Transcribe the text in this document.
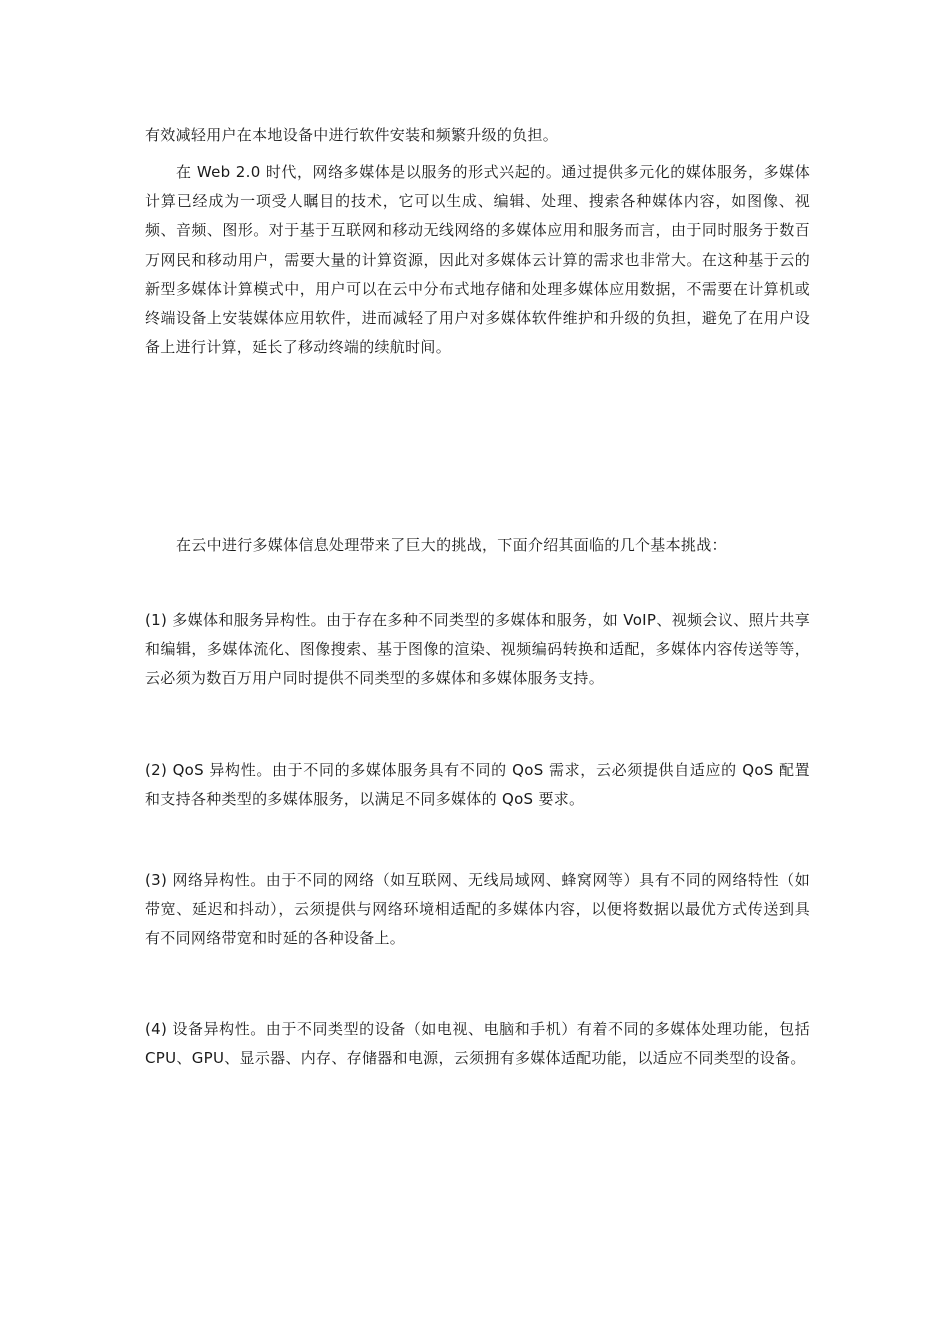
有效减轻用户在本地设备中进行软件安装和频繁升级的负担。

在 Web 2.0 时代，网络多媒体是以服务的形式兴起的。通过提供多元化的媒体服务，多媒体计算已经成为一项受人瞩目的技术，它可以生成、编辑、处理、搜索各种媒体内容，如图像、视频、音频、图形。对于基于互联网和移动无线网络的多媒体应用和服务而言，由于同时服务于数百万网民和移动用户，需要大量的计算资源，因此对多媒体云计算的需求也非常大。在这种基于云的新型多媒体计算模式中，用户可以在云中分布式地存储和处理多媒体应用数据，不需要在计算机或终端设备上安装媒体应用软件，进而减轻了用户对多媒体软件维护和升级的负担，避免了在用户设备上进行计算，延长了移动终端的续航时间。

在云中进行多媒体信息处理带来了巨大的挑战，下面介绍其面临的几个基本挑战：

(1) 多媒体和服务异构性。由于存在多种不同类型的多媒体和服务，如 VoIP、视频会议、照片共享和编辑，多媒体流化、图像搜索、基于图像的渲染、视频编码转换和适配，多媒体内容传送等等，云必须为数百万用户同时提供不同类型的多媒体和多媒体服务支持。

(2) QoS 异构性。由于不同的多媒体服务具有不同的 QoS 需求，云必须提供自适应的 QoS 配置和支持各种类型的多媒体服务，以满足不同多媒体的 QoS 要求。

(3) 网络异构性。由于不同的网络（如互联网、无线局域网、蜂窝网等）具有不同的网络特性（如带宽、延迟和抖动），云须提供与网络环境相适配的多媒体内容，以便将数据以最优方式传送到具有不同网络带宽和时延的各种设备上。

(4) 设备异构性。由于不同类型的设备（如电视、电脑和手机）有着不同的多媒体处理功能，包括 CPU、GPU、显示器、内存、存储器和电源，云须拥有多媒体适配功能，以适应不同类型的设备。
